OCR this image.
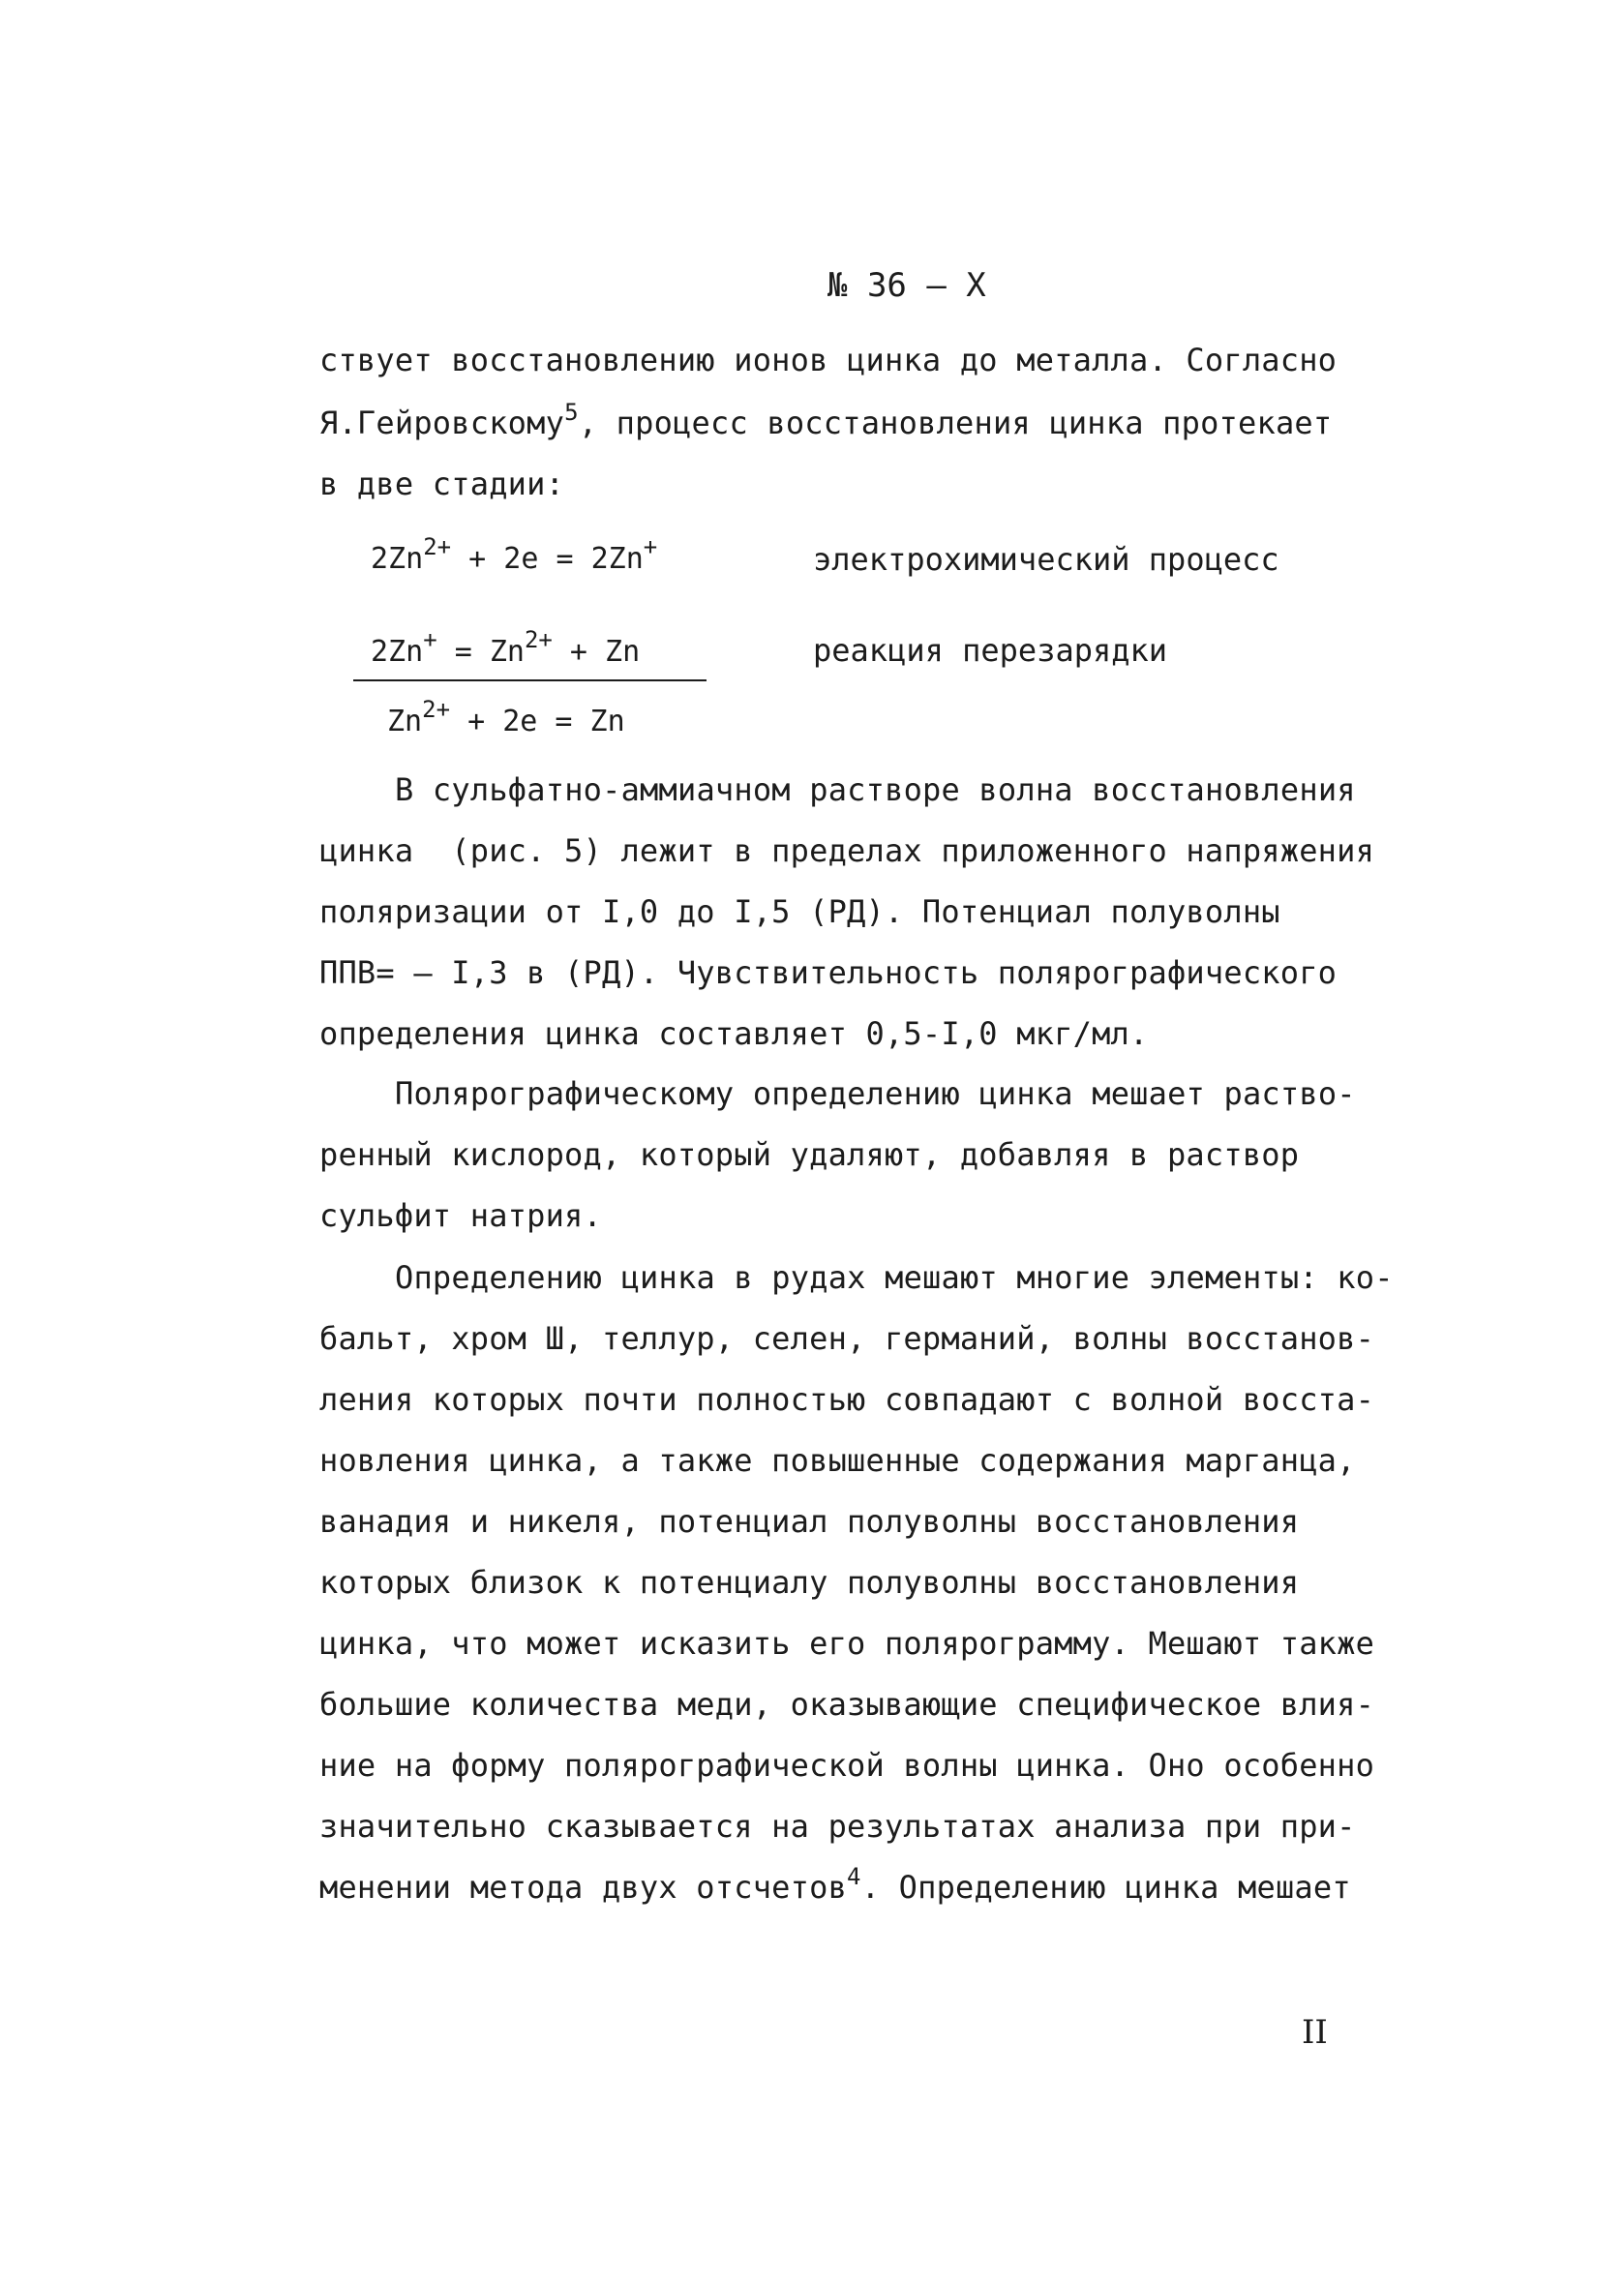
№ 36 – X
ствует восстановлению ионов цинка до металла. Согласно
Я.Гейровскому$^5$, процесс восстановления цинка протекает
в две стадии:
$2Zn^{2+} + 2e = 2Zn^+$	электрохимический процесс
$2Zn^+ = Zn^{2+} + Zn$	реакция перезарядки
$Zn^{2+} + 2e = Zn$
В сульфатно-аммиачном растворе волна восстановления
цинка  (рис. 5) лежит в пределах приложенного напряжения
поляризации от I,0 до I,5 (РД). Потенциал полуволны
ППВ= – I,3 в (РД). Чувствительность полярографического
определения цинка составляет 0,5-I,0 мкг/мл.
Полярографическому определению цинка мешает раство-
ренный кислород, который удаляют, добавляя в раствор
сульфит натрия.
Определению цинка в рудах мешают многие элементы: ко-
бальт, хром Ш, теллур, селен, германий, волны восстанов-
ления которых почти полностью совпадают с волной восста-
новления цинка, а также повышенные содержания марганца,
ванадия и никеля, потенциал полуволны восстановления
которых близок к потенциалу полуволны восстановления
цинка, что может исказить его полярограмму. Мешают также
большие количества меди, оказывающие специфическое влия-
ние на форму полярографической волны цинка. Оно особенно
значительно сказывается на результатах анализа при при-
менении метода двух отсчетов$^4$. Определению цинка мешает
II
